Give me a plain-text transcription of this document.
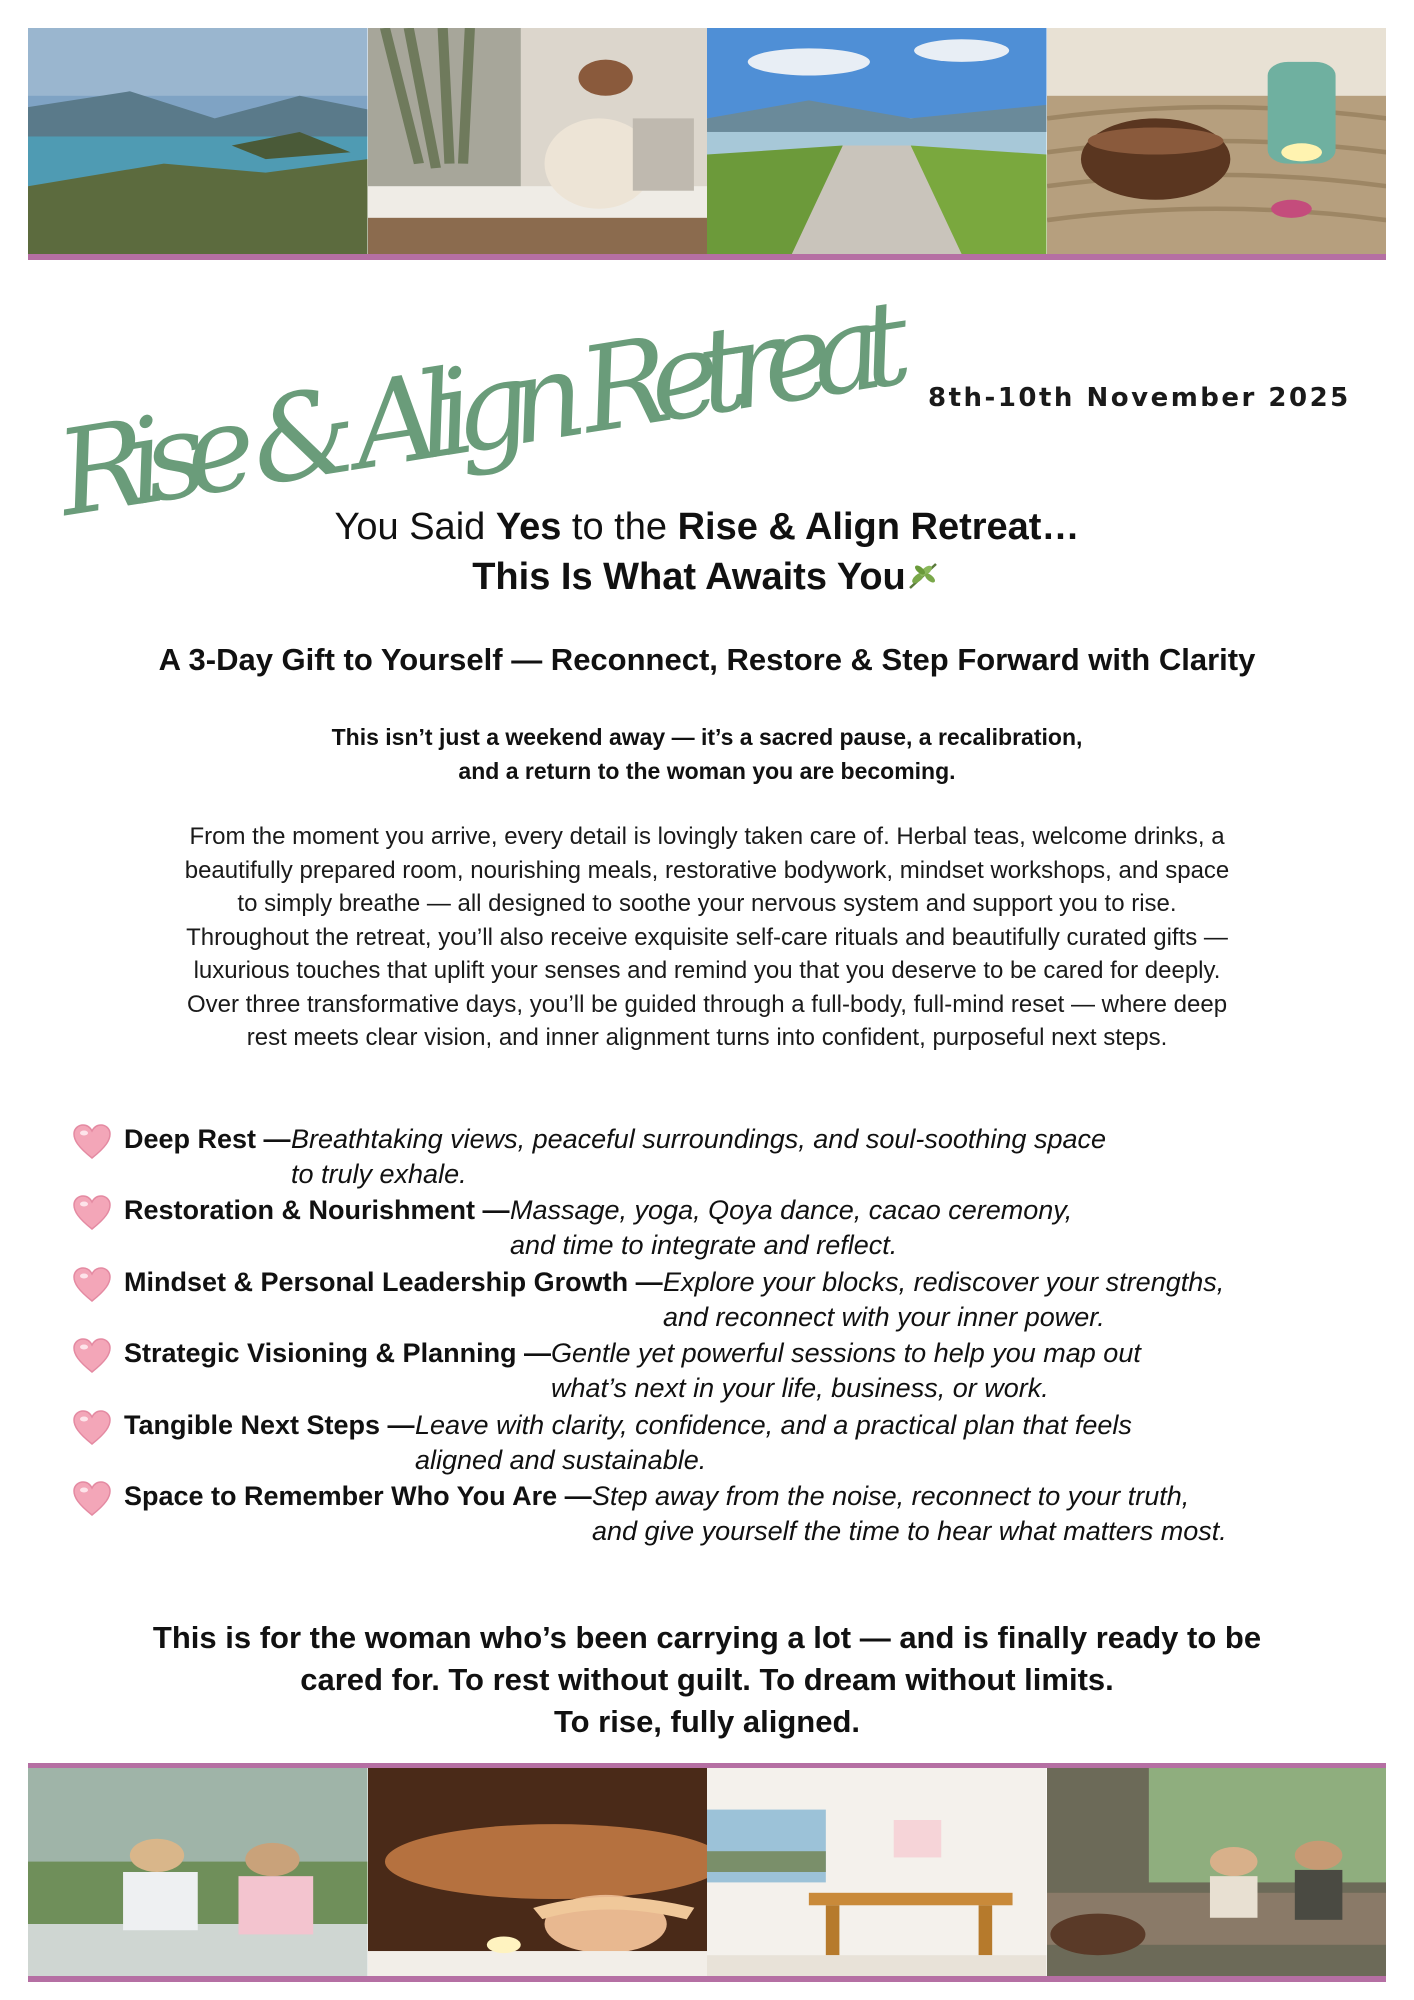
Rise & Align Retreat 8th-10th November 2025
You Said Yes to the Rise & Align Retreat…
This Is What Awaits You
A 3-Day Gift to Yourself — Reconnect, Restore & Step Forward with Clarity
This isn’t just a weekend away — it’s a sacred pause, a recalibration,
and a return to the woman you are becoming.
From the moment you arrive, every detail is lovingly taken care of. Herbal teas, welcome drinks, a
beautifully prepared room, nourishing meals, restorative bodywork, mindset workshops, and space
to simply breathe — all designed to soothe your nervous system and support you to rise.
Throughout the retreat, you’ll also receive exquisite self-care rituals and beautifully curated gifts —
luxurious touches that uplift your senses and remind you that you deserve to be cared for deeply.
Over three transformative days, you’ll be guided through a full-body, full-mind reset — where deep
rest meets clear vision, and inner alignment turns into confident, purposeful next steps.
Deep Rest — Breathtaking views, peaceful surroundings, and soul-soothing space
to truly exhale.
Restoration & Nourishment — Massage, yoga, Qoya dance, cacao ceremony,
and time to integrate and reflect.
Mindset & Personal Leadership Growth — Explore your blocks, rediscover your strengths,
and reconnect with your inner power.
Strategic Visioning & Planning — Gentle yet powerful sessions to help you map out
what’s next in your life, business, or work.
Tangible Next Steps — Leave with clarity, confidence, and a practical plan that feels
aligned and sustainable.
Space to Remember Who You Are — Step away from the noise, reconnect to your truth,
and give yourself the time to hear what matters most.
This is for the woman who’s been carrying a lot — and is finally ready to be
cared for. To rest without guilt. To dream without limits.
To rise, fully aligned.
